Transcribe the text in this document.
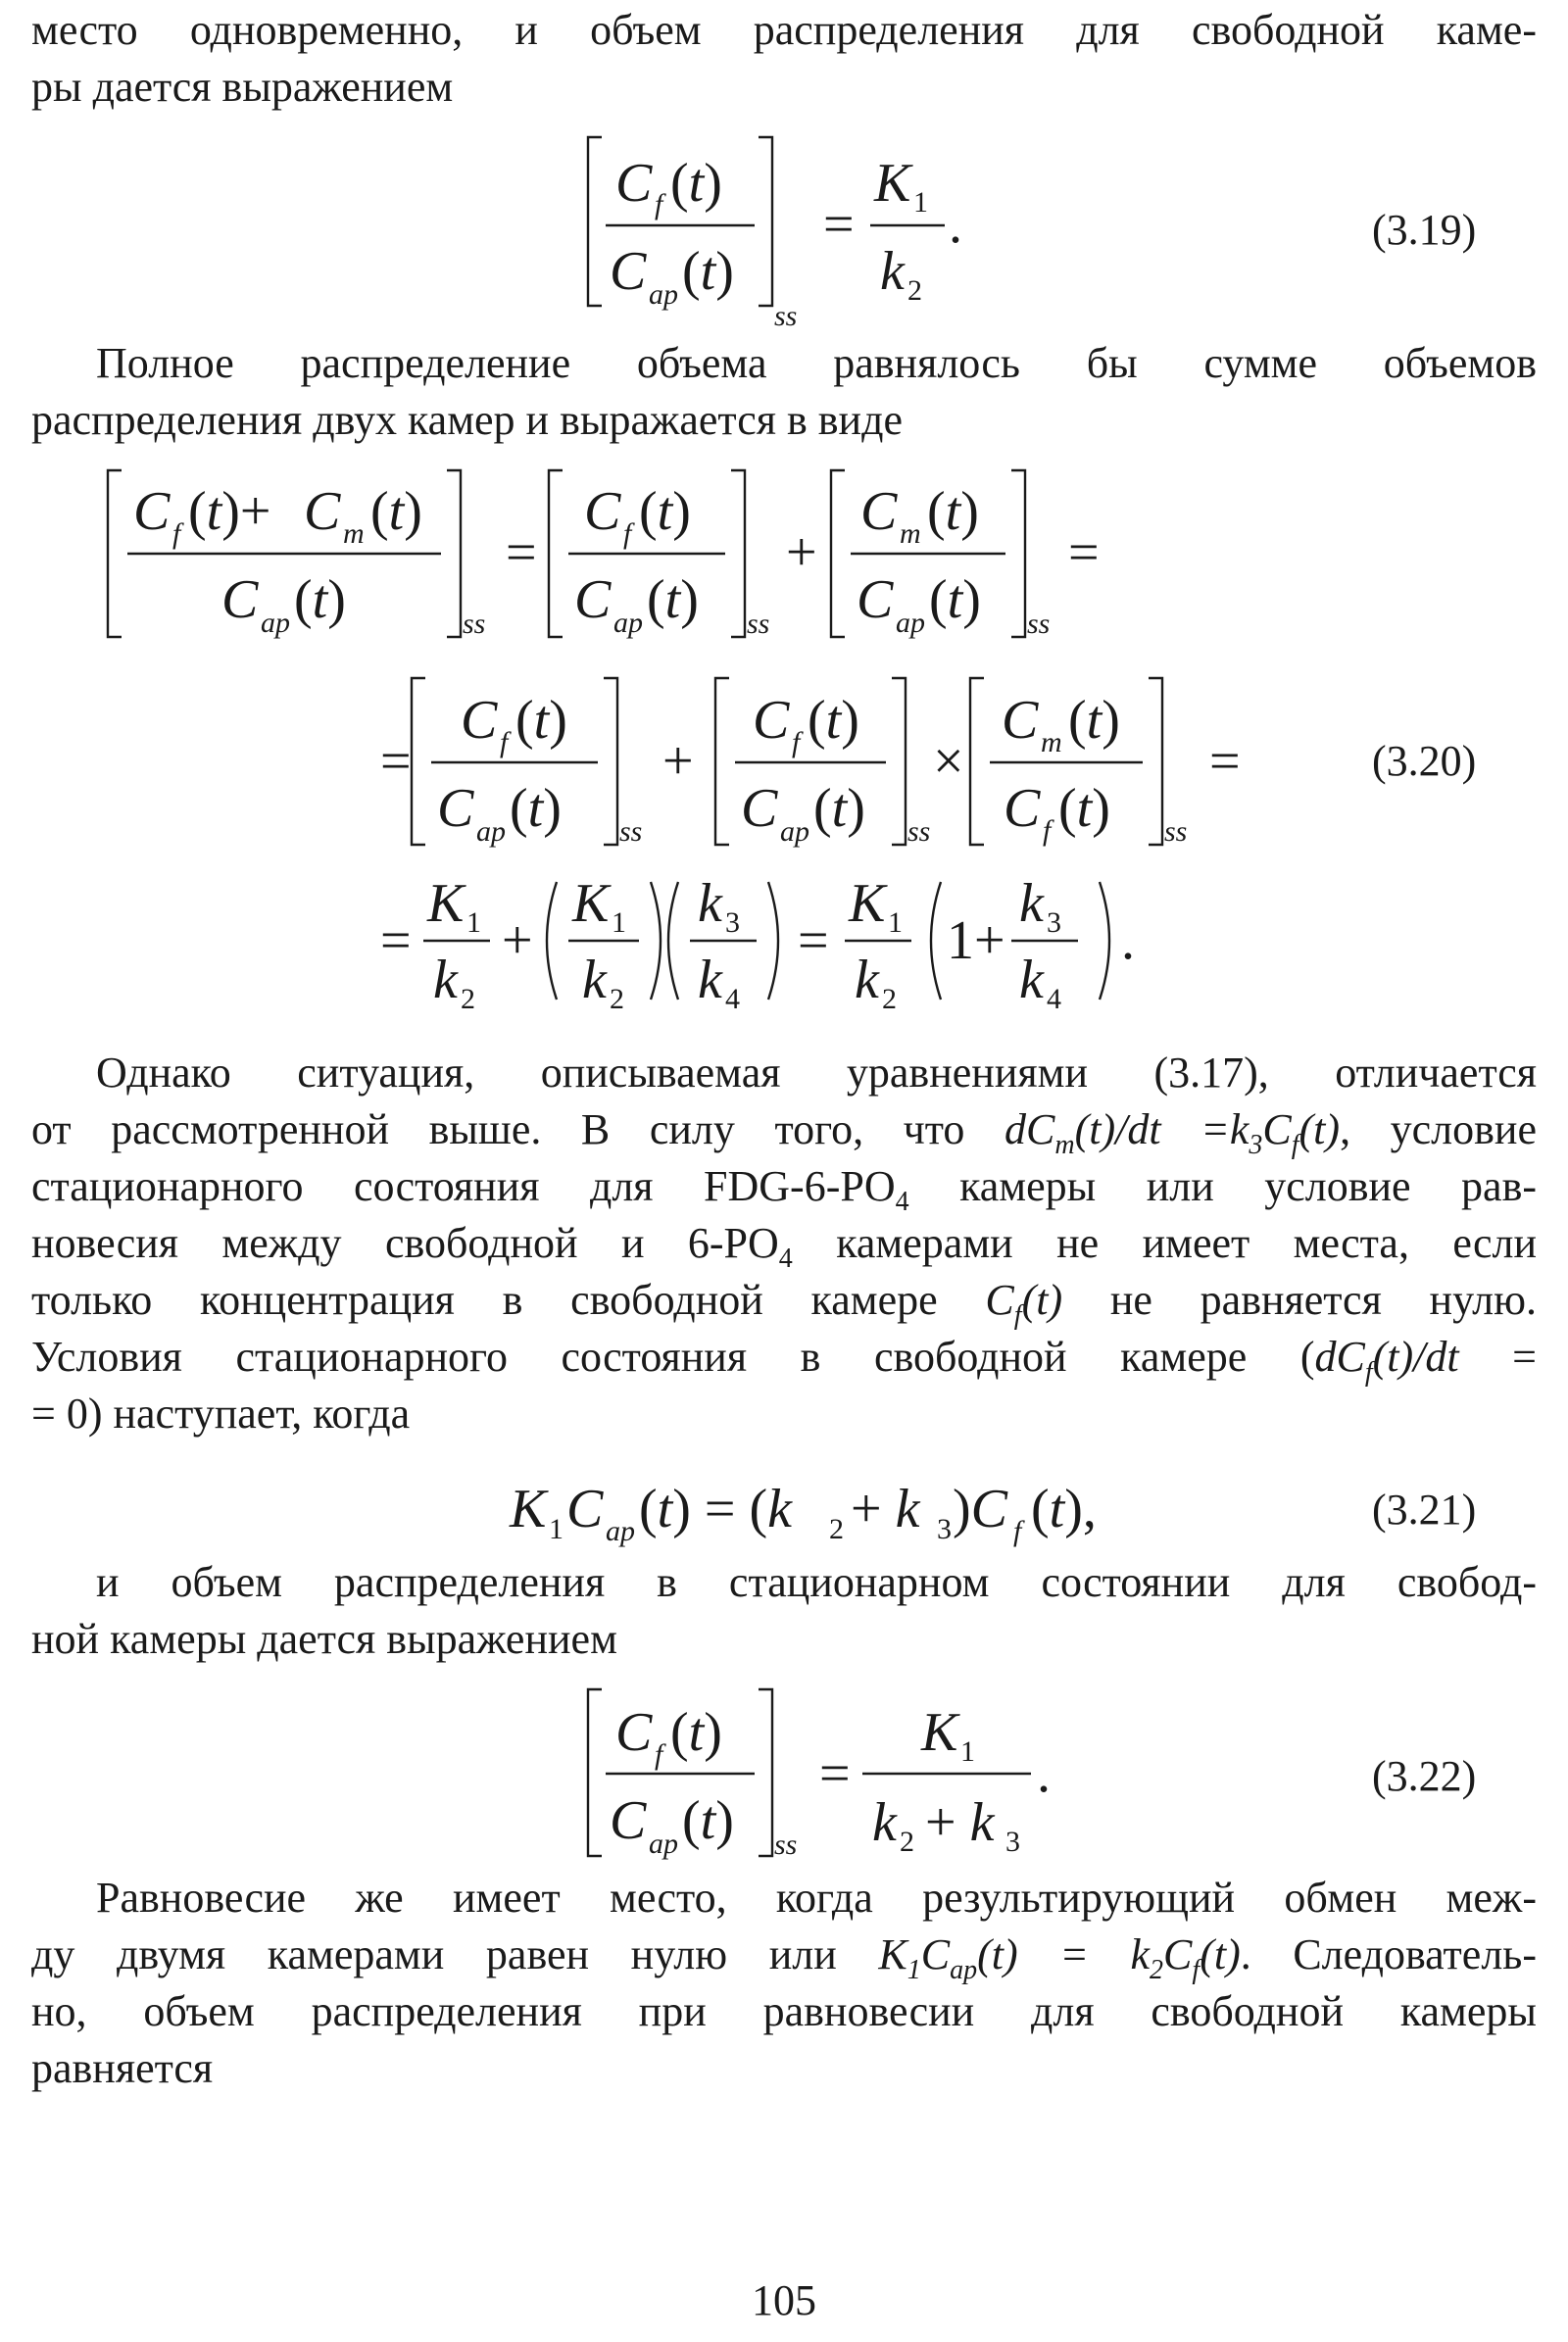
место одновременно, и объем распределения для свободной каме-
ры дается выражением
C f (t)
C ap (t)
ss
=
K 1
k 2
.	(3.19)
Полное распределение объема равнялось бы сумме объемов
распределения двух камер и выражается в виде
C f (t)+ C m (t)
C ap (t)	ss
=
C f (t)
C ap (t) ss
+
C m (t)
C ap (t) ss
=
=
C f (t)
C ap (t) ss
+
C f (t)
C ap (t) ss
×
C m (t)
C f (t) ss
=
=
K 1
k 2
+
K 1
k 2
k 3
k 4
=
K 1
k 2
1+
k 3
k 4
.
(3.20)
Однако ситуация, описываемая уравнениями (3.17), отличается
от рассмотренной выше. В силу того, что $dC_m(t)/dt =k_3C_f(t)$, условие
стационарного состояния для FDG-$6-PO_4$ камеры или условие рав-
новесия между свободной и $6-PO_4$ камерами не имеет места, если
только концентрация в свободной камере $C_f(t)$ не равняется нулю.
Условия стационарного состояния в свободной камере ($dC_f(t)/dt$ =
= 0) наступает, когда
K 1 C ap (t) = (k 2 + k 3 )C f (t),	(3.21)
и объем распределения в стационарном состоянии для свобод-
ной камеры дается выражением
C f (t)
C ap (t) ss
=
K 1
k 2 + k 3
.	(3.22)
Равновесие же имеет место, когда результирующий обмен меж-
ду двумя камерами равен нулю или $K_1C_{ap}(t) = k_2C_f(t)$. Следователь-
но, объем распределения при равновесии для свободной камеры
равняется
105
